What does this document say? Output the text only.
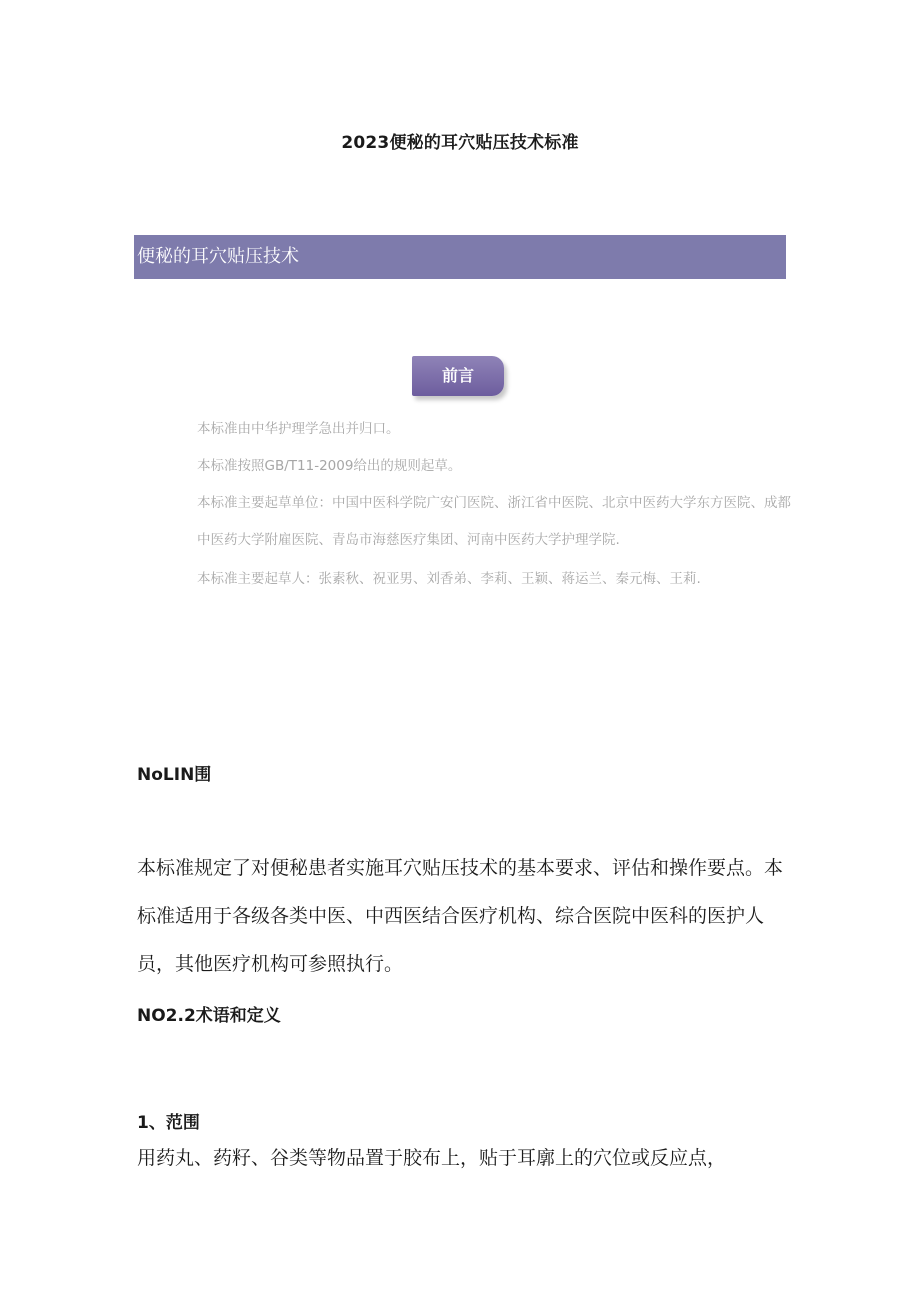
2023便秘的耳穴贴压技术标准
便秘的耳穴贴压技术
前言

本标准由中华护理学急出并归口。

本标准按照GB/T11-2009给出的规则起草。

本标准主要起草单位：中国中医科学院广安门医院、浙江省中医院、北京中医药大学东方医院、成都中医药大学附雇医院、青岛市海慈医疗集团、河南中医药大学护理学院.

本标准主要起草人：张素秋、祝亚男、刘香弟、李莉、王颖、蒋运兰、秦元梅、王莉.

NoLIN围

本标准规定了对便秘患者实施耳穴贴压技术的基本要求、评估和操作要点。本标准适用于各级各类中医、中西医结合医疗机构、综合医院中医科的医护人员，其他医疗机构可参照执行。

NO2.2术语和定义
1、范围

用药丸、药籽、谷类等物品置于胶布上，贴于耳廓上的穴位或反应点，
